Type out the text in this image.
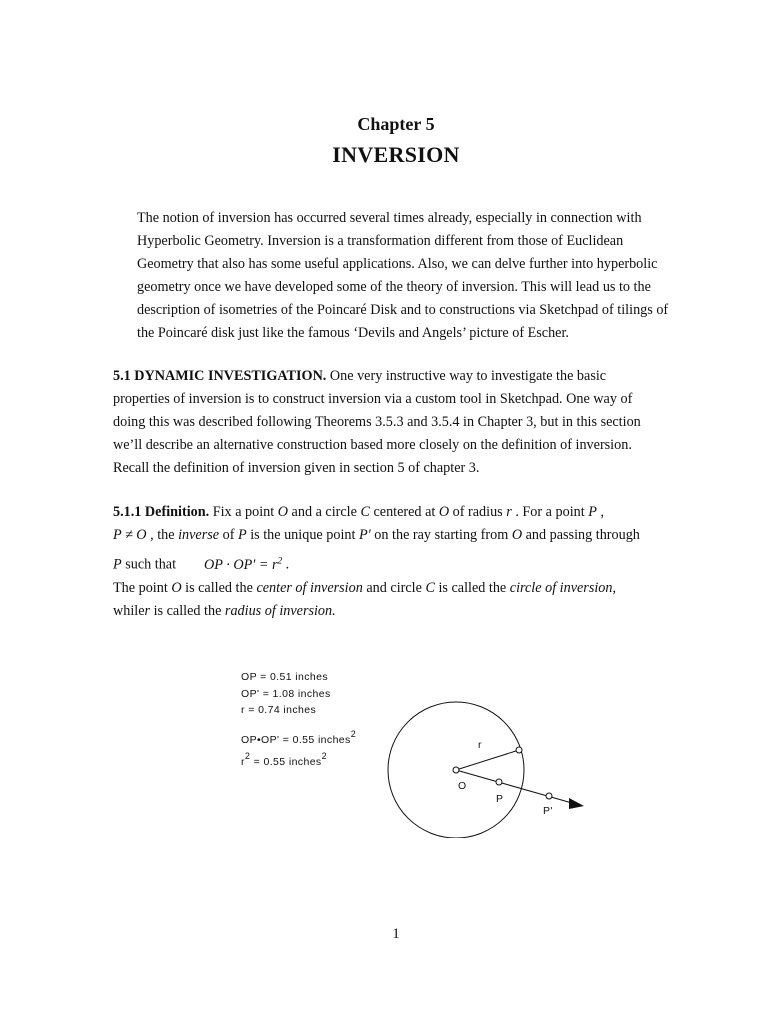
Chapter 5
INVERSION
The notion of inversion has occurred several times already, especially in connection with
Hyperbolic Geometry. Inversion is a transformation different from those of Euclidean
Geometry that also has some useful applications. Also, we can delve further into hyperbolic
geometry once we have developed some of the theory of inversion. This will lead us to the
description of isometries of the Poincaré Disk and to constructions via Sketchpad of tilings of
the Poincaré disk just like the famous ‘Devils and Angels’ picture of Escher.
5.1 DYNAMIC INVESTIGATION. One very instructive way to investigate the basic
properties of inversion is to construct inversion via a custom tool in Sketchpad. One way of
doing this was described following Theorems 3.5.3 and 3.5.4 in Chapter 3, but in this section
we’ll describe an alternative construction based more closely on the definition of inversion.
Recall the definition of inversion given in section 5 of chapter 3.
5.1.1 Definition. Fix a point O and a circle C centered at O of radius r . For a point P ,
P ≠ O , the inverse of P is the unique point P′ on the ray starting from O and passing through
P such that OP · $OP' = r^2$ .
The point O is called the center of inversion and circle C is called the circle of inversion,
whiler is called the radius of inversion.
OP = 0.51 inches
OP' = 1.08 inches
r = 0.74 inches
OP•OP' = 0.55 inches2
r2 = 0.55 inches2
r
O
P
P'
1
